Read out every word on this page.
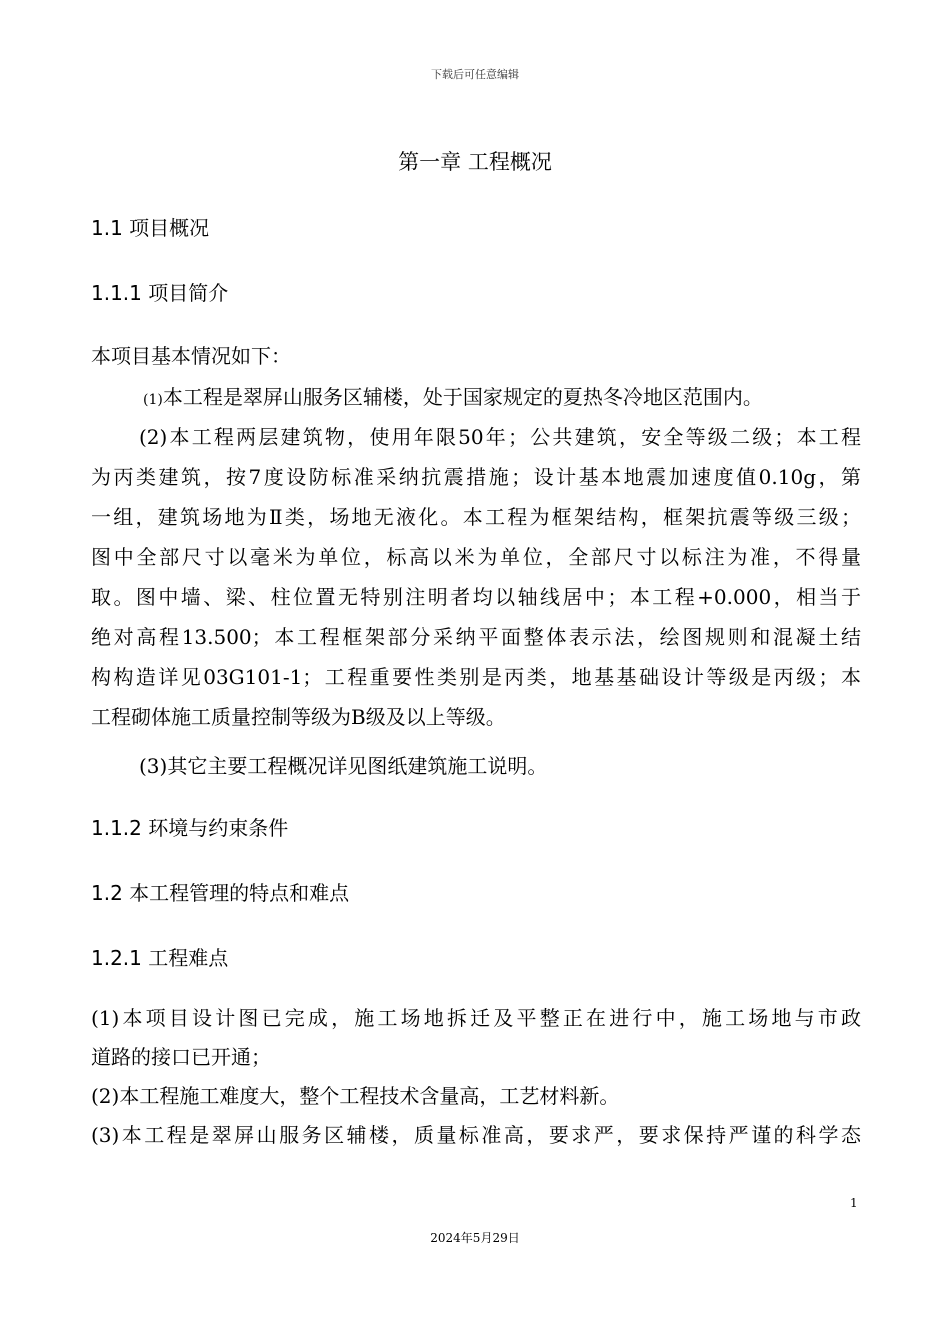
下载后可任意编辑
第一章 工程概况
1.1 项目概况
1.1.1 项目简介
本项目基本情况如下：
(1)本工程是翠屏山服务区辅楼，处于国家规定的夏热冬冷地区范围内。
(2)本工程两层建筑物，使用年限50年；公共建筑，安全等级二级；本工程
为丙类建筑，按7度设防标准采纳抗震措施；设计基本地震加速度值0.10g，第
一组，建筑场地为Ⅱ类，场地无液化。本工程为框架结构，框架抗震等级三级；
图中全部尺寸以毫米为单位，标高以米为单位，全部尺寸以标注为准，不得量
取。图中墙、梁、柱位置无特别注明者均以轴线居中；本工程+0.000，相当于
绝对高程13.500；本工程框架部分采纳平面整体表示法，绘图规则和混凝土结
构构造详见03G101-1；工程重要性类别是丙类，地基基础设计等级是丙级；本
工程砌体施工质量控制等级为B级及以上等级。
(3)其它主要工程概况详见图纸建筑施工说明。
1.1.2 环境与约束条件
1.2 本工程管理的特点和难点
1.2.1 工程难点
(1)本项目设计图已完成，施工场地拆迁及平整正在进行中，施工场地与市政
道路的接口已开通；
(2)本工程施工难度大，整个工程技术含量高，工艺材料新。
(3)本工程是翠屏山服务区辅楼，质量标准高，要求严，要求保持严谨的科学态
1
2024年5月29日
